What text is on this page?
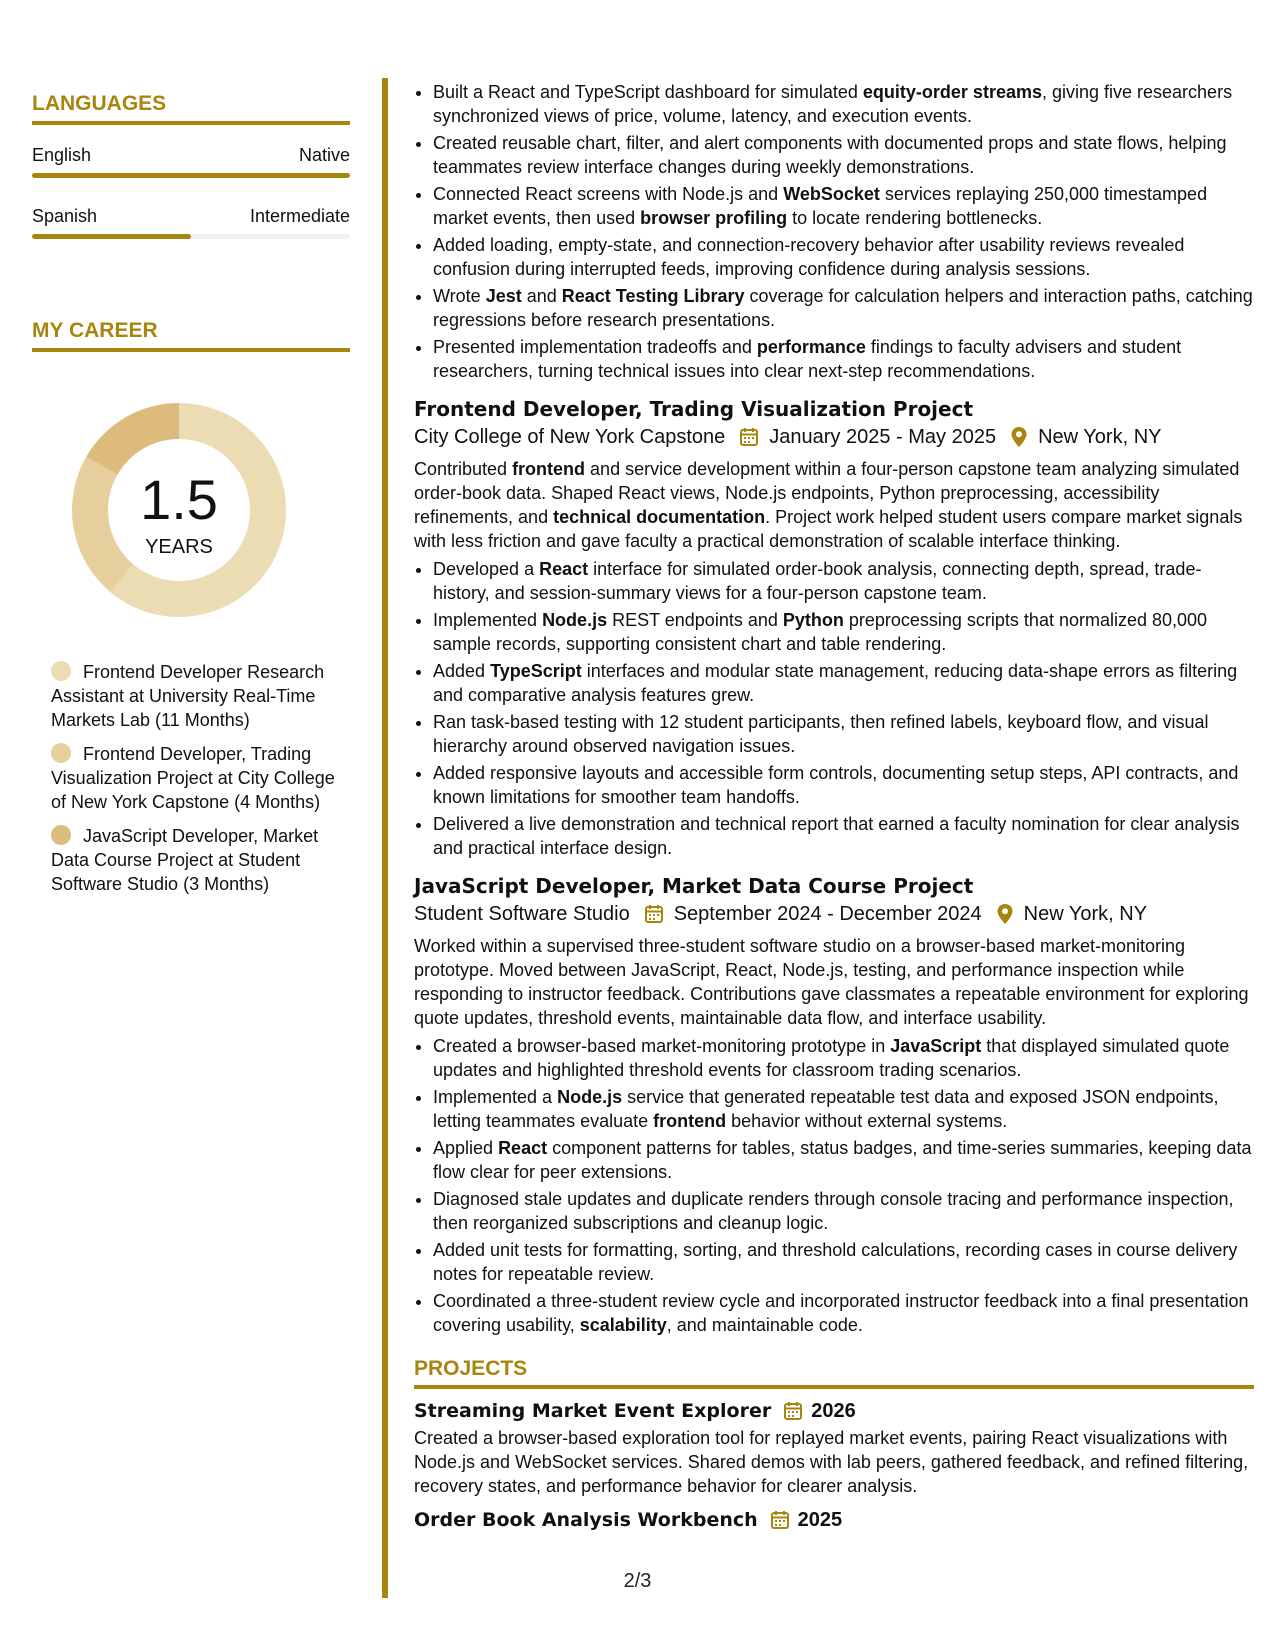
LANGUAGES
English	Native
Spanish	Intermediate
MY CAREER
1.5
YEARS
Frontend Developer Research Assistant at University Real-Time Markets Lab (11 Months)
Frontend Developer, Trading Visualization Project at City College of New York Capstone (4 Months)
JavaScript Developer, Market Data Course Project at Student Software Studio (3 Months)
• Built a React and TypeScript dashboard for simulated equity-order streams, giving five researchers synchronized views of price, volume, latency, and execution events.
• Created reusable chart, filter, and alert components with documented props and state flows, helping teammates review interface changes during weekly demonstrations.
• Connected React screens with Node.js and WebSocket services replaying 250,000 timestamped market events, then used browser profiling to locate rendering bottlenecks.
• Added loading, empty-state, and connection-recovery behavior after usability reviews revealed confusion during interrupted feeds, improving confidence during analysis sessions.
• Wrote Jest and React Testing Library coverage for calculation helpers and interaction paths, catching regressions before research presentations.
• Presented implementation tradeoffs and performance findings to faculty advisers and student researchers, turning technical issues into clear next-step recommendations.
Frontend Developer, Trading Visualization Project
City College of New York Capstone January 2025 - May 2025 New York, NY

Contributed frontend and service development within a four-person capstone team analyzing simulated order-book data. Shaped React views, Node.js endpoints, Python preprocessing, accessibility refinements, and technical documentation. Project work helped student users compare market signals with less friction and gave faculty a practical demonstration of scalable interface thinking.

• Developed a React interface for simulated order-book analysis, connecting depth, spread, trade-history, and session-summary views for a four-person capstone team.
• Implemented Node.js REST endpoints and Python preprocessing scripts that normalized 80,000 sample records, supporting consistent chart and table rendering.
• Added TypeScript interfaces and modular state management, reducing data-shape errors as filtering and comparative analysis features grew.
• Ran task-based testing with 12 student participants, then refined labels, keyboard flow, and visual hierarchy around observed navigation issues.
• Added responsive layouts and accessible form controls, documenting setup steps, API contracts, and known limitations for smoother team handoffs.
• Delivered a live demonstration and technical report that earned a faculty nomination for clear analysis and practical interface design.
JavaScript Developer, Market Data Course Project
Student Software Studio September 2024 - December 2024 New York, NY

Worked within a supervised three-student software studio on a browser-based market-monitoring prototype. Moved between JavaScript, React, Node.js, testing, and performance inspection while responding to instructor feedback. Contributions gave classmates a repeatable environment for exploring quote updates, threshold events, maintainable data flow, and interface usability.

• Created a browser-based market-monitoring prototype in JavaScript that displayed simulated quote updates and highlighted threshold events for classroom trading scenarios.
• Implemented a Node.js service that generated repeatable test data and exposed JSON endpoints, letting teammates evaluate frontend behavior without external systems.
• Applied React component patterns for tables, status badges, and time-series summaries, keeping data flow clear for peer extensions.
• Diagnosed stale updates and duplicate renders through console tracing and performance inspection, then reorganized subscriptions and cleanup logic.
• Added unit tests for formatting, sorting, and threshold calculations, recording cases in course delivery notes for repeatable review.
• Coordinated a three-student review cycle and incorporated instructor feedback into a final presentation covering usability, scalability, and maintainable code.
PROJECTS
Streaming Market Event Explorer 2026

Created a browser-based exploration tool for replayed market events, pairing React visualizations with Node.js and WebSocket services. Shared demos with lab peers, gathered feedback, and refined filtering, recovery states, and performance behavior for clearer analysis.

Order Book Analysis Workbench 2025
2/3
